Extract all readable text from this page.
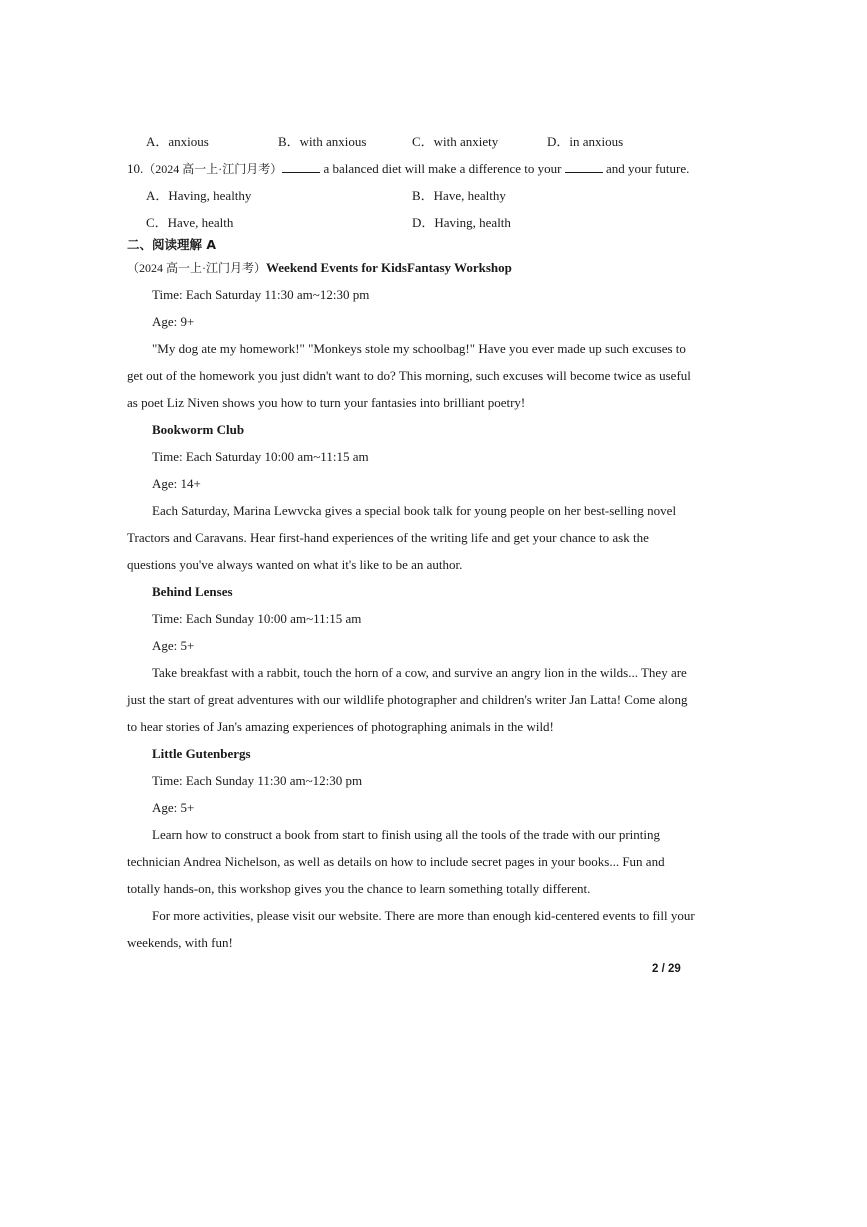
A．anxious	B．with anxious	C．with anxiety	D．in anxious
10.（2024 高一上·江门月考）	a balanced diet will make a difference to your	and your future.
A．Having, healthy	B．Have, healthy
C．Have, health	D．Having, health
二、阅读理解 A
（2024 高一上·江门月考）Weekend Events for KidsFantasy Workshop
Time: Each Saturday 11:30 am~12:30 pm
Age: 9+
"My dog ate my homework!" "Monkeys stole my schoolbag!" Have you ever made up such excuses to
get out of the homework you just didn't want to do? This morning, such excuses will become twice as useful
as poet Liz Niven shows you how to turn your fantasies into brilliant poetry!
Bookworm Club
Time: Each Saturday 10:00 am~11:15 am
Age: 14+
Each Saturday, Marina Lewvcka gives a special book talk for young people on her best-selling novel
Tractors and Caravans. Hear first-hand experiences of the writing life and get your chance to ask the
questions you've always wanted on what it's like to be an author.
Behind Lenses
Time: Each Sunday 10:00 am~11:15 am
Age: 5+
Take breakfast with a rabbit, touch the horn of a cow, and survive an angry lion in the wilds... They are
just the start of great adventures with our wildlife photographer and children's writer Jan Latta! Come along
to hear stories of Jan's amazing experiences of photographing animals in the wild!
Little Gutenbergs
Time: Each Sunday 11:30 am~12:30 pm
Age: 5+
Learn how to construct a book from start to finish using all the tools of the trade with our printing
technician Andrea Nichelson, as well as details on how to include secret pages in your books... Fun and
totally hands-on, this workshop gives you the chance to learn something totally different.
For more activities, please visit our website. There are more than enough kid-centered events to fill your
weekends, with fun!
2 / 29
